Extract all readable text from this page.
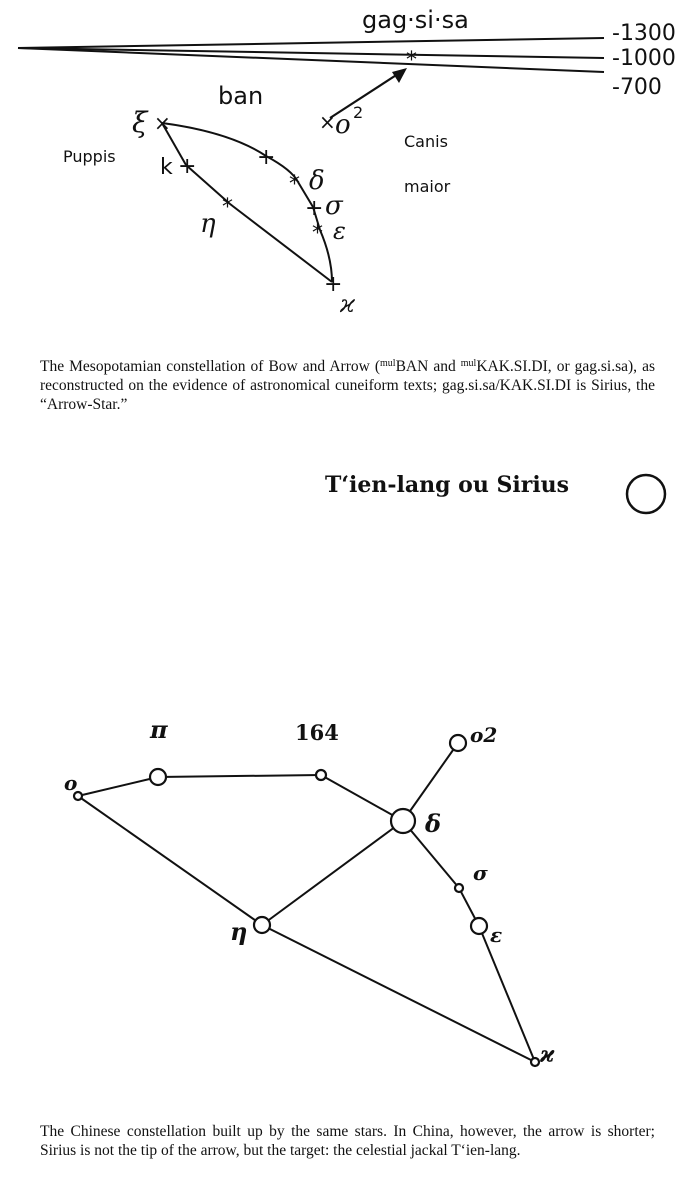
gag·si·sa	-1300
-1000
-700
*
×
+
*
+
*
+
*
+
×
ban
Puppis
Canis
maior
ξ
k
η
δ
σ
ε
ϰ
o 2
The Mesopotamian constellation of Bow and Arrow ($^{mul}$BAN and $^{mul}$KAK.SI.DI, or gag.si.sa), as reconstructed on the evidence of astronomical cuneiform texts; gag.si.sa/KAK.SI.DI is Sirius, the “Arrow-Star.”
T‘ien-lang ou Sirius
π	164	o2
o
δ
σ
η	ε
ϰ
The Chinese constellation built up by the same stars. In China, however, the arrow is shorter; Sirius is not the tip of the arrow, but the target: the celestial jackal T‘ien-lang.
